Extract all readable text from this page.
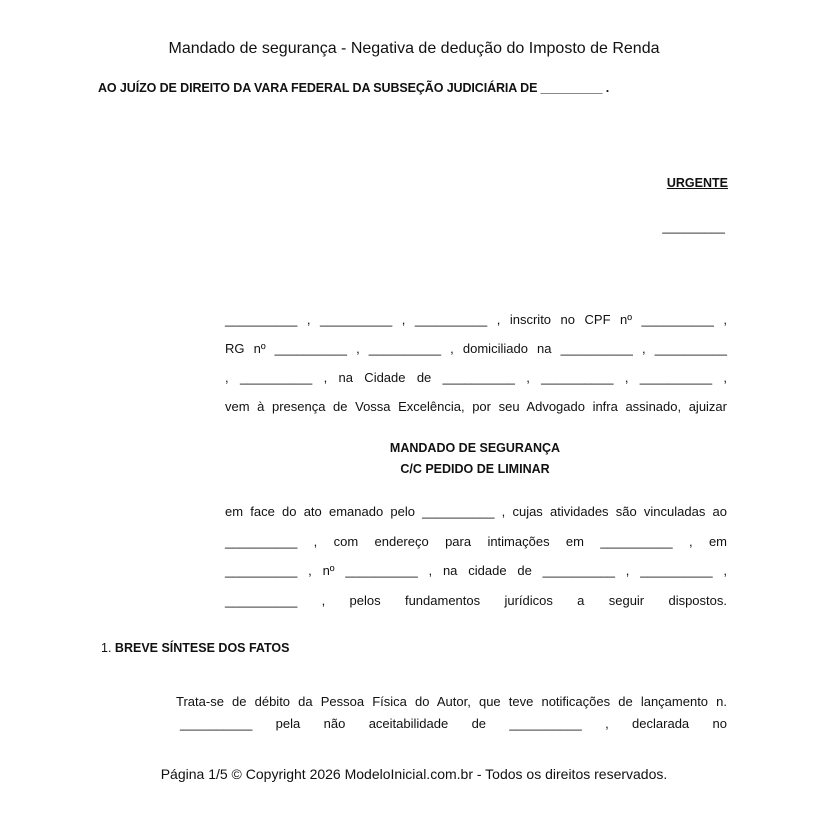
Mandado de segurança - Negativa de dedução do Imposto de Renda
AO JUÍZO DE DIREITO DA VARA FEDERAL DA SUBSEÇÃO JUDICIÁRIA DE _________ .
URGENTE
_________
__________ , __________ , __________ , inscrito no CPF nº __________ ,
RG nº __________ , __________ , domiciliado na __________ , __________
, __________ , na Cidade de __________ , __________ , __________ ,
vem à presença de Vossa Excelência, por seu Advogado infra assinado, ajuizar
MANDADO DE SEGURANÇA
C/C PEDIDO DE LIMINAR
em face do ato emanado pelo __________ , cujas atividades são vinculadas ao
__________ , com endereço para intimações em __________ , em
__________ , nº __________ , na cidade de __________ , __________ ,
__________ , pelos fundamentos jurídicos a seguir dispostos.
1. BREVE SÍNTESE DOS FATOS
Trata-se de débito da Pessoa Física do Autor, que teve notificações de lançamento n.
__________ pela não aceitabilidade de __________ , declarada no
Página 1/5 © Copyright 2026 ModeloInicial.com.br - Todos os direitos reservados.
